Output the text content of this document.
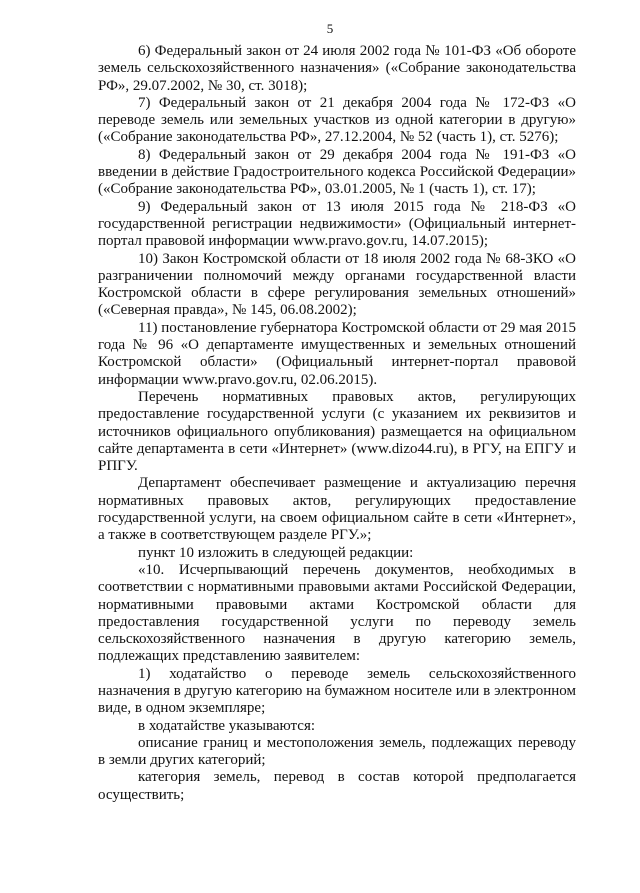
5

6) Федеральный закон от 24 июля 2002 года № 101-ФЗ «Об обороте земель сельскохозяйственного назначения» («Собрание законодательства РФ», 29.07.2002, № 30, ст. 3018);

7) Федеральный закон от 21 декабря 2004 года № 172-ФЗ «О переводе земель или земельных участков из одной категории в другую» («Собрание законодательства РФ», 27.12.2004, № 52 (часть 1), ст. 5276);

8) Федеральный закон от 29 декабря 2004 года № 191-ФЗ «О введении в действие Градостроительного кодекса Российской Федерации» («Собрание законодательства РФ», 03.01.2005, № 1 (часть 1), ст. 17);

9) Федеральный закон от 13 июля 2015 года № 218-ФЗ «О государственной регистрации недвижимости» (Официальный интернет-портал правовой информации www.pravo.gov.ru, 14.07.2015);

10) Закон Костромской области от 18 июля 2002 года № 68-ЗКО «О разграничении полномочий между органами государственной власти Костромской области в сфере регулирования земельных отношений» («Северная правда», № 145, 06.08.2002);

11) постановление губернатора Костромской области от 29 мая 2015 года № 96 «О департаменте имущественных и земельных отношений Костромской области» (Официальный интернет-портал правовой информации www.pravo.gov.ru, 02.06.2015).

Перечень нормативных правовых актов, регулирующих предоставление государственной услуги (с указанием их реквизитов и источников официального опубликования) размещается на официальном сайте департамента в сети «Интернет» (www.dizo44.ru), в РГУ, на ЕПГУ и РПГУ.

Департамент обеспечивает размещение и актуализацию перечня нормативных правовых актов, регулирующих предоставление государственной услуги, на своем официальном сайте в сети «Интернет», а также в соответствующем разделе РГУ.»;

пункт 10 изложить в следующей редакции:

«10. Исчерпывающий перечень документов, необходимых в соответствии с нормативными правовыми актами Российской Федерации, нормативными правовыми актами Костромской области для предоставления государственной услуги по переводу земель сельскохозяйственного назначения в другую категорию земель, подлежащих представлению заявителем:

1) ходатайство о переводе земель сельскохозяйственного назначения в другую категорию на бумажном носителе или в электронном виде, в одном экземпляре;

в ходатайстве указываются:

описание границ и местоположения земель, подлежащих переводу в земли других категорий;

категория земель, перевод в состав которой предполагается осуществить;
